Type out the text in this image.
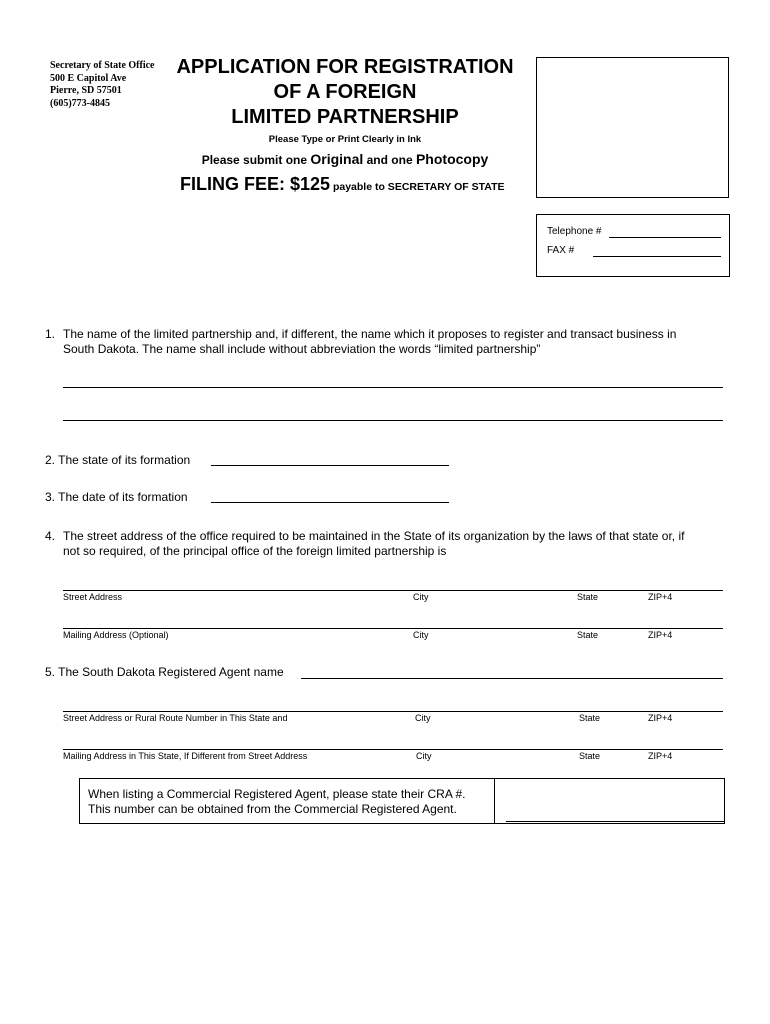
Secretary of State Office
500 E Capitol Ave
Pierre, SD 57501
(605)773-4845
APPLICATION FOR REGISTRATION
OF A FOREIGN
LIMITED PARTNERSHIP
Please Type or Print Clearly in Ink
Please submit one Original and one Photocopy
FILING FEE: $125 payable to SECRETARY OF STATE
Telephone #
FAX #
1. The name of the limited partnership and, if different, the name which it proposes to register and transact business in
South Dakota. The name shall include without abbreviation the words “limited partnership”
2. The state of its formation
3. The date of its formation
4. The street address of the office required to be maintained in the State of its organization by the laws of that state or, if
not so required, of the principal office of the foreign limited partnership is
Street Address	City	State	ZIP+4
Mailing Address (Optional)	City	State	ZIP+4
5. The South Dakota Registered Agent name
Street Address or Rural Route Number in This State and	City	State	ZIP+4
Mailing Address in This State, If Different from Street Address	City	State	ZIP+4
When listing a Commercial Registered Agent, please state their CRA #.
This number can be obtained from the Commercial Registered Agent.
